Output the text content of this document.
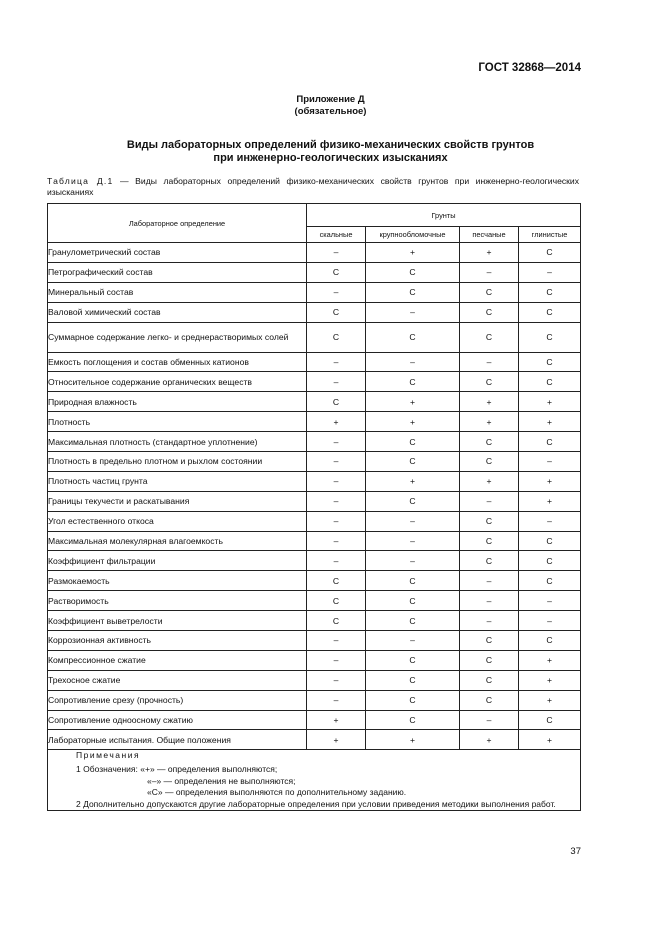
ГОСТ 32868—2014
Приложение Д
(обязательное)
Виды лабораторных определений физико-механических свойств грунтов
при инженерно-геологических изысканиях
Таблица Д.1 — Виды лабораторных определений физико-механических свойств грунтов при инженерно-геологических изысканиях
Лабораторное определение	Грунты			
	скальные	крупнообломочные	песчаные	глинистые
Гранулометрический состав	–	+	+	С
Петрографический состав	С	С	–	–
Минеральный состав	–	С	С	С
Валовой химический состав	С	–	С	С
Суммарное содержание легко- и среднерастворимых солей	С	С	С	С
Емкость поглощения и состав обменных катионов	–	–	–	С
Относительное содержание органических веществ	–	С	С	С
Природная влажность	С	+	+	+
Плотность	+	+	+	+
Максимальная плотность (стандартное уплотнение)	–	С	С	С
Плотность в предельно плотном и рыхлом состоянии	–	С	С	–
Плотность частиц грунта	–	+	+	+
Границы текучести и раскатывания	–	С	–	+
Угол естественного откоса	–	–	С	–
Максимальная молекулярная влагоемкость	–	–	С	С
Коэффициент фильтрации	–	–	С	С
Размокаемость	С	С	–	С
Растворимость	С	С	–	–
Коэффициент выветрелости	С	С	–	–
Коррозионная активность	–	–	С	С
Компрессионное сжатие	–	С	С	+
Трехосное сжатие	–	С	С	+
Сопротивление срезу (прочность)	–	С	С	+
Сопротивление одноосному сжатию	+	С	–	С
Лабораторные испытания. Общие положения	+	+	+	+

Примечания
1 Обозначения: «+» — определения выполняются;
«–» — определения не выполняются;
«С» — определения выполняются по дополнительному заданию.
2 Дополнительно допускаются другие лабораторные определения при условии приведения методики выполнения работ.				
37
